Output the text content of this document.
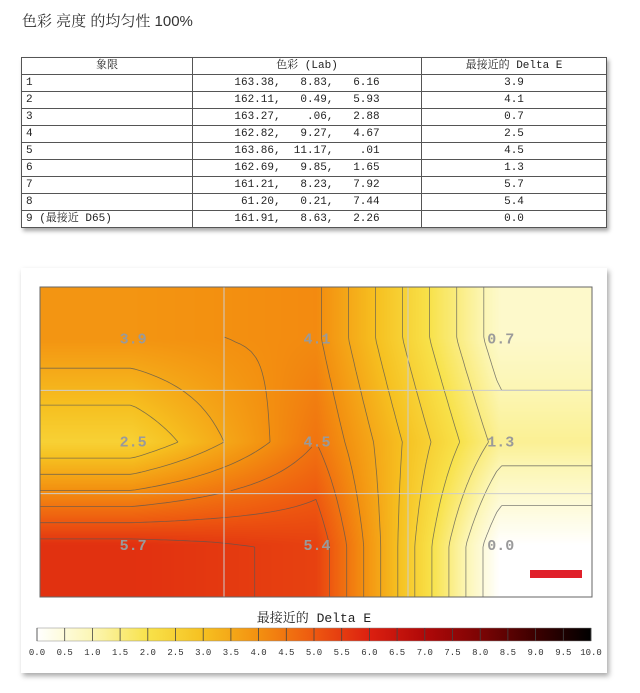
色彩 亮度 的均匀性 100%
象限	色彩 (Lab)	最接近的 Delta E
1	163.38,   8.83,   6.16	3.9
2	162.11,   0.49,   5.93	4.1
3	163.27,    .06,   2.88	0.7
4	162.82,   9.27,   4.67	2.5
5	163.86,  11.17,    .01	4.5
6	162.69,   9.85,   1.65	1.3
7	161.21,   8.23,   7.92	5.7
8	61.20,   0.21,   7.44	5.4
9 (最接近 D65)	161.91,   8.63,   2.26	0.0
3.9	4.1	0.7
2.5	4.5	1.3
5.7	5.4	0.0
最接近的 Delta E
0.0 0.5 1.0 1.5 2.0 2.5 3.0 3.5 4.0 4.5 5.0 5.5 6.0 6.5 7.0 7.5 8.0 8.5 9.0 9.5 10.0
